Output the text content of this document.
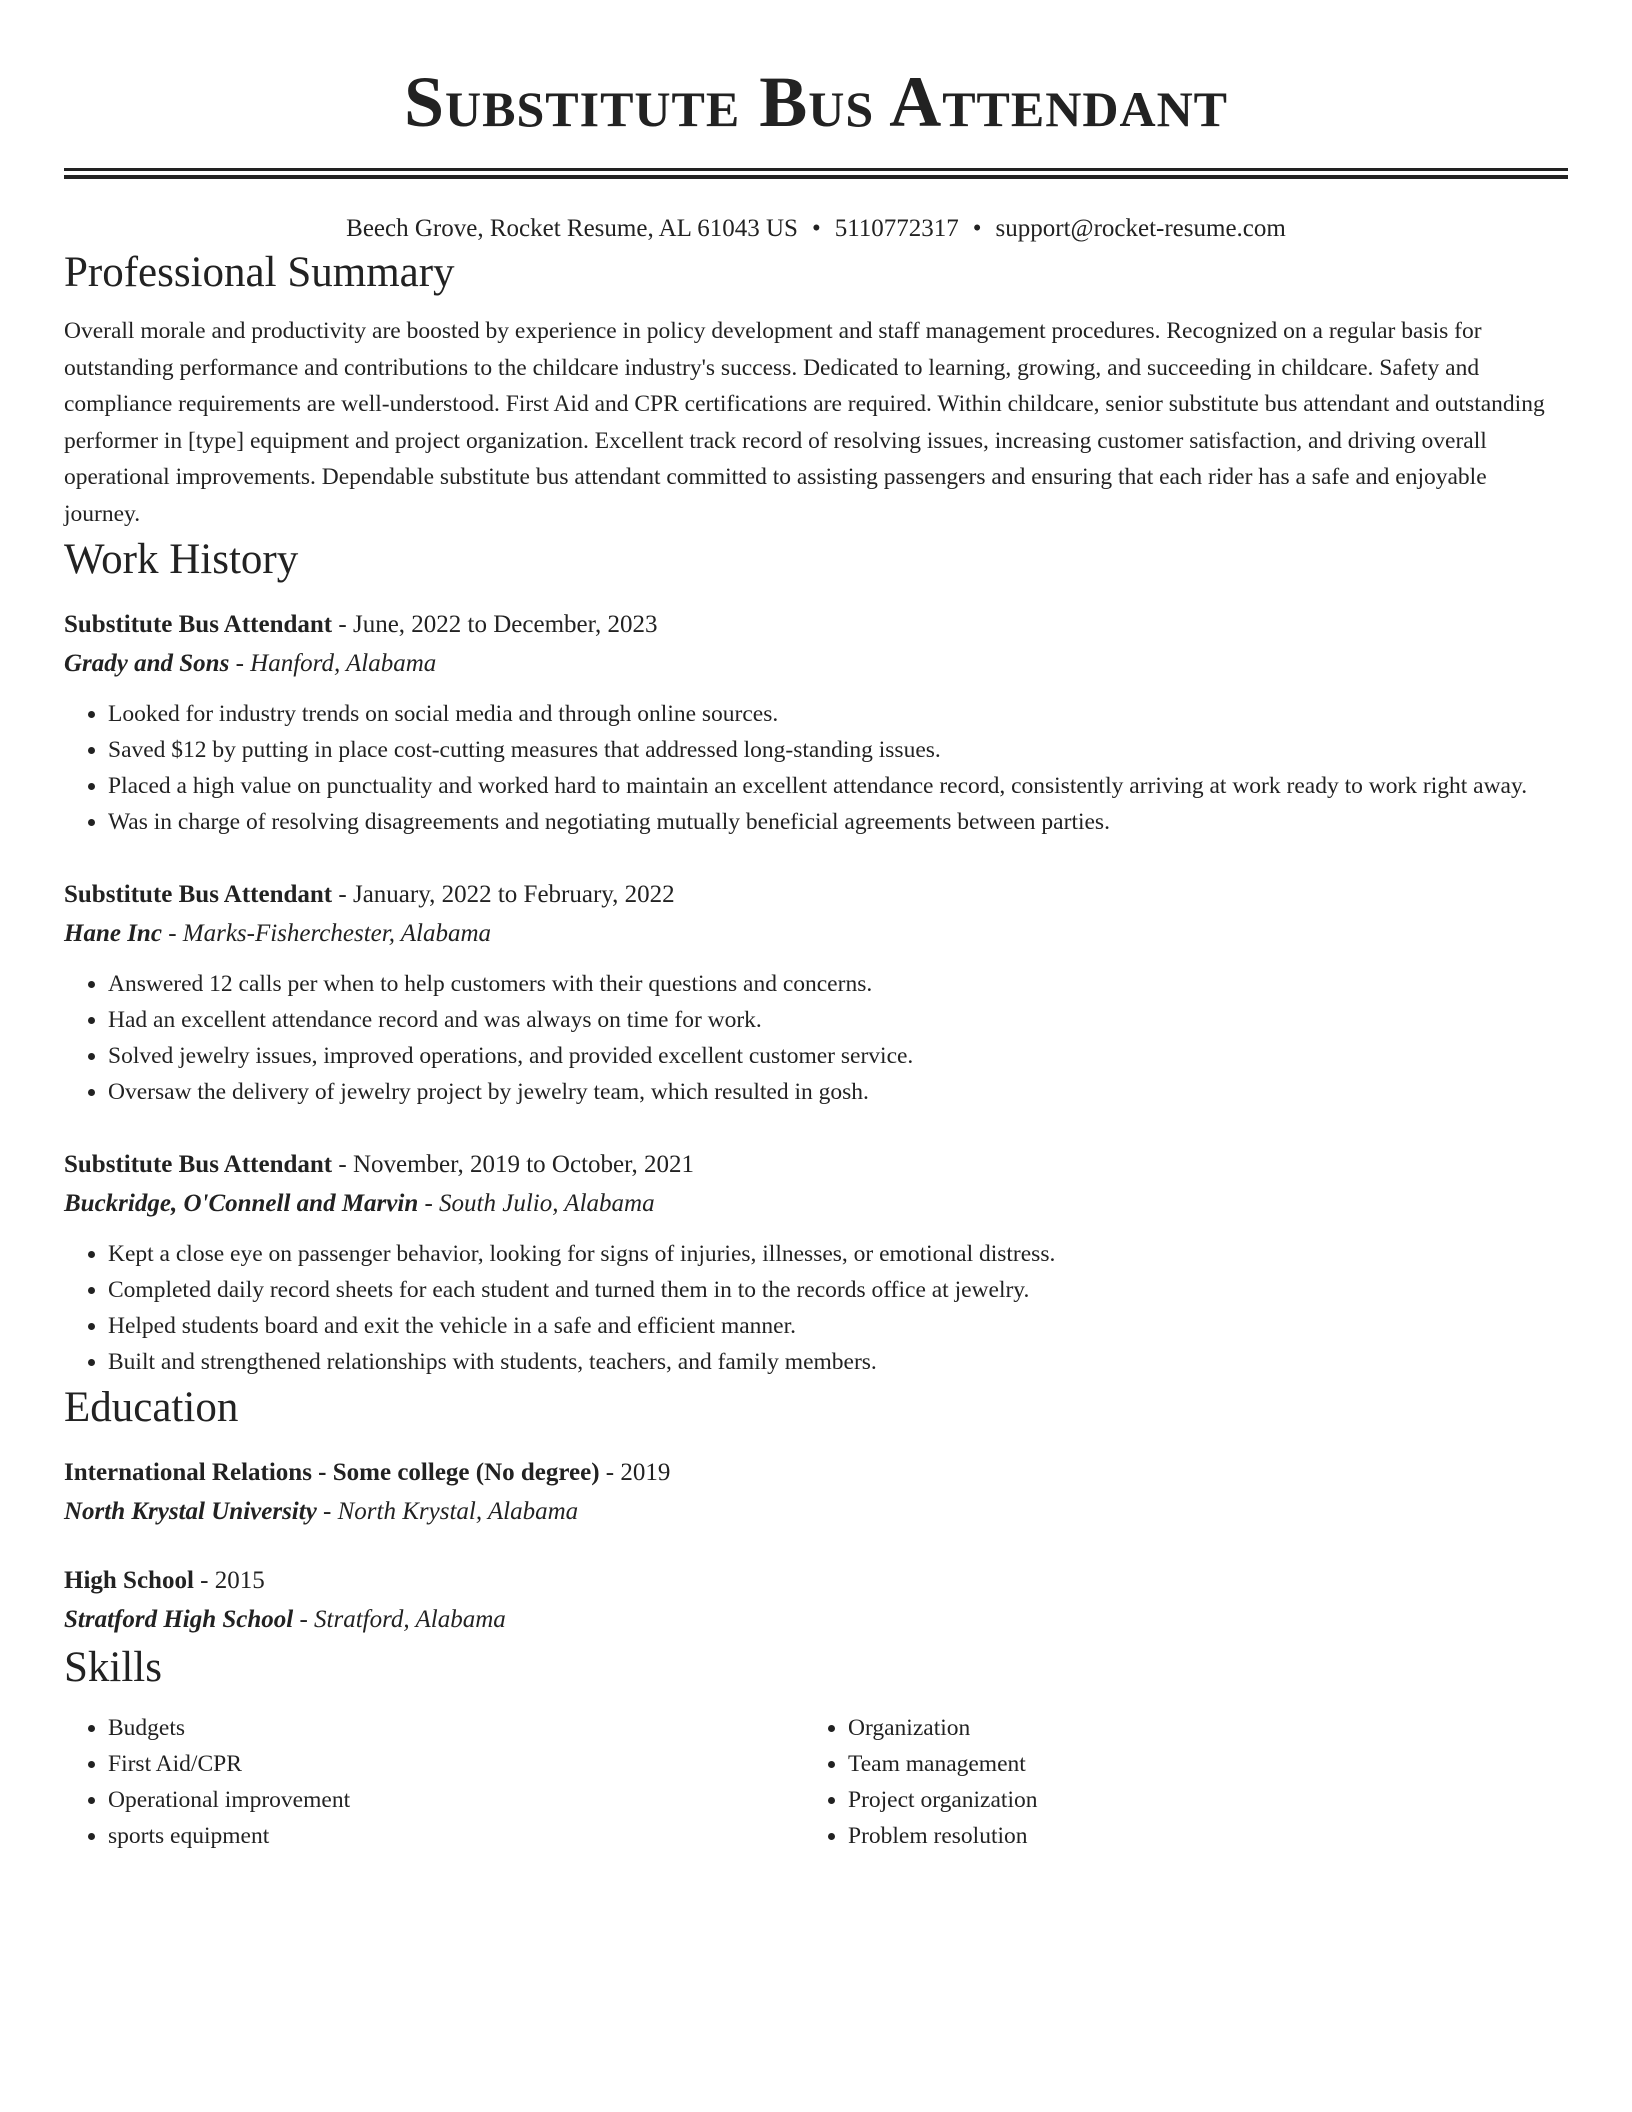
Substitute Bus Attendant
Beech Grove, Rocket Resume, AL 61043 US • 5110772317 • support@rocket-resume.com
Professional Summary
Overall morale and productivity are boosted by experience in policy development and staff management procedures. Recognized on a regular basis for outstanding performance and contributions to the childcare industry's success. Dedicated to learning, growing, and succeeding in childcare. Safety and compliance requirements are well-understood. First Aid and CPR certifications are required. Within childcare, senior substitute bus attendant and outstanding performer in [type] equipment and project organization. Excellent track record of resolving issues, increasing customer satisfaction, and driving overall operational improvements. Dependable substitute bus attendant committed to assisting passengers and ensuring that each rider has a safe and enjoyable journey.
Work History
Substitute Bus Attendant - June, 2022 to December, 2023
Grady and Sons - Hanford, Alabama
• Looked for industry trends on social media and through online sources.
• Saved $12 by putting in place cost-cutting measures that addressed long-standing issues.
• Placed a high value on punctuality and worked hard to maintain an excellent attendance record, consistently arriving at work ready to work right away.
• Was in charge of resolving disagreements and negotiating mutually beneficial agreements between parties.
Substitute Bus Attendant - January, 2022 to February, 2022
Hane Inc - Marks-Fisherchester, Alabama
• Answered 12 calls per when to help customers with their questions and concerns.
• Had an excellent attendance record and was always on time for work.
• Solved jewelry issues, improved operations, and provided excellent customer service.
• Oversaw the delivery of jewelry project by jewelry team, which resulted in gosh.
Substitute Bus Attendant - November, 2019 to October, 2021
Buckridge, O'Connell and Marvin - South Julio, Alabama
• Kept a close eye on passenger behavior, looking for signs of injuries, illnesses, or emotional distress.
• Completed daily record sheets for each student and turned them in to the records office at jewelry.
• Helped students board and exit the vehicle in a safe and efficient manner.
• Built and strengthened relationships with students, teachers, and family members.
Education
International Relations - Some college (No degree) - 2019
North Krystal University - North Krystal, Alabama
High School - 2015
Stratford High School - Stratford, Alabama
Skills
• Budgets
• First Aid/CPR
• Operational improvement
• sports equipment
• Organization
• Team management
• Project organization
• Problem resolution
